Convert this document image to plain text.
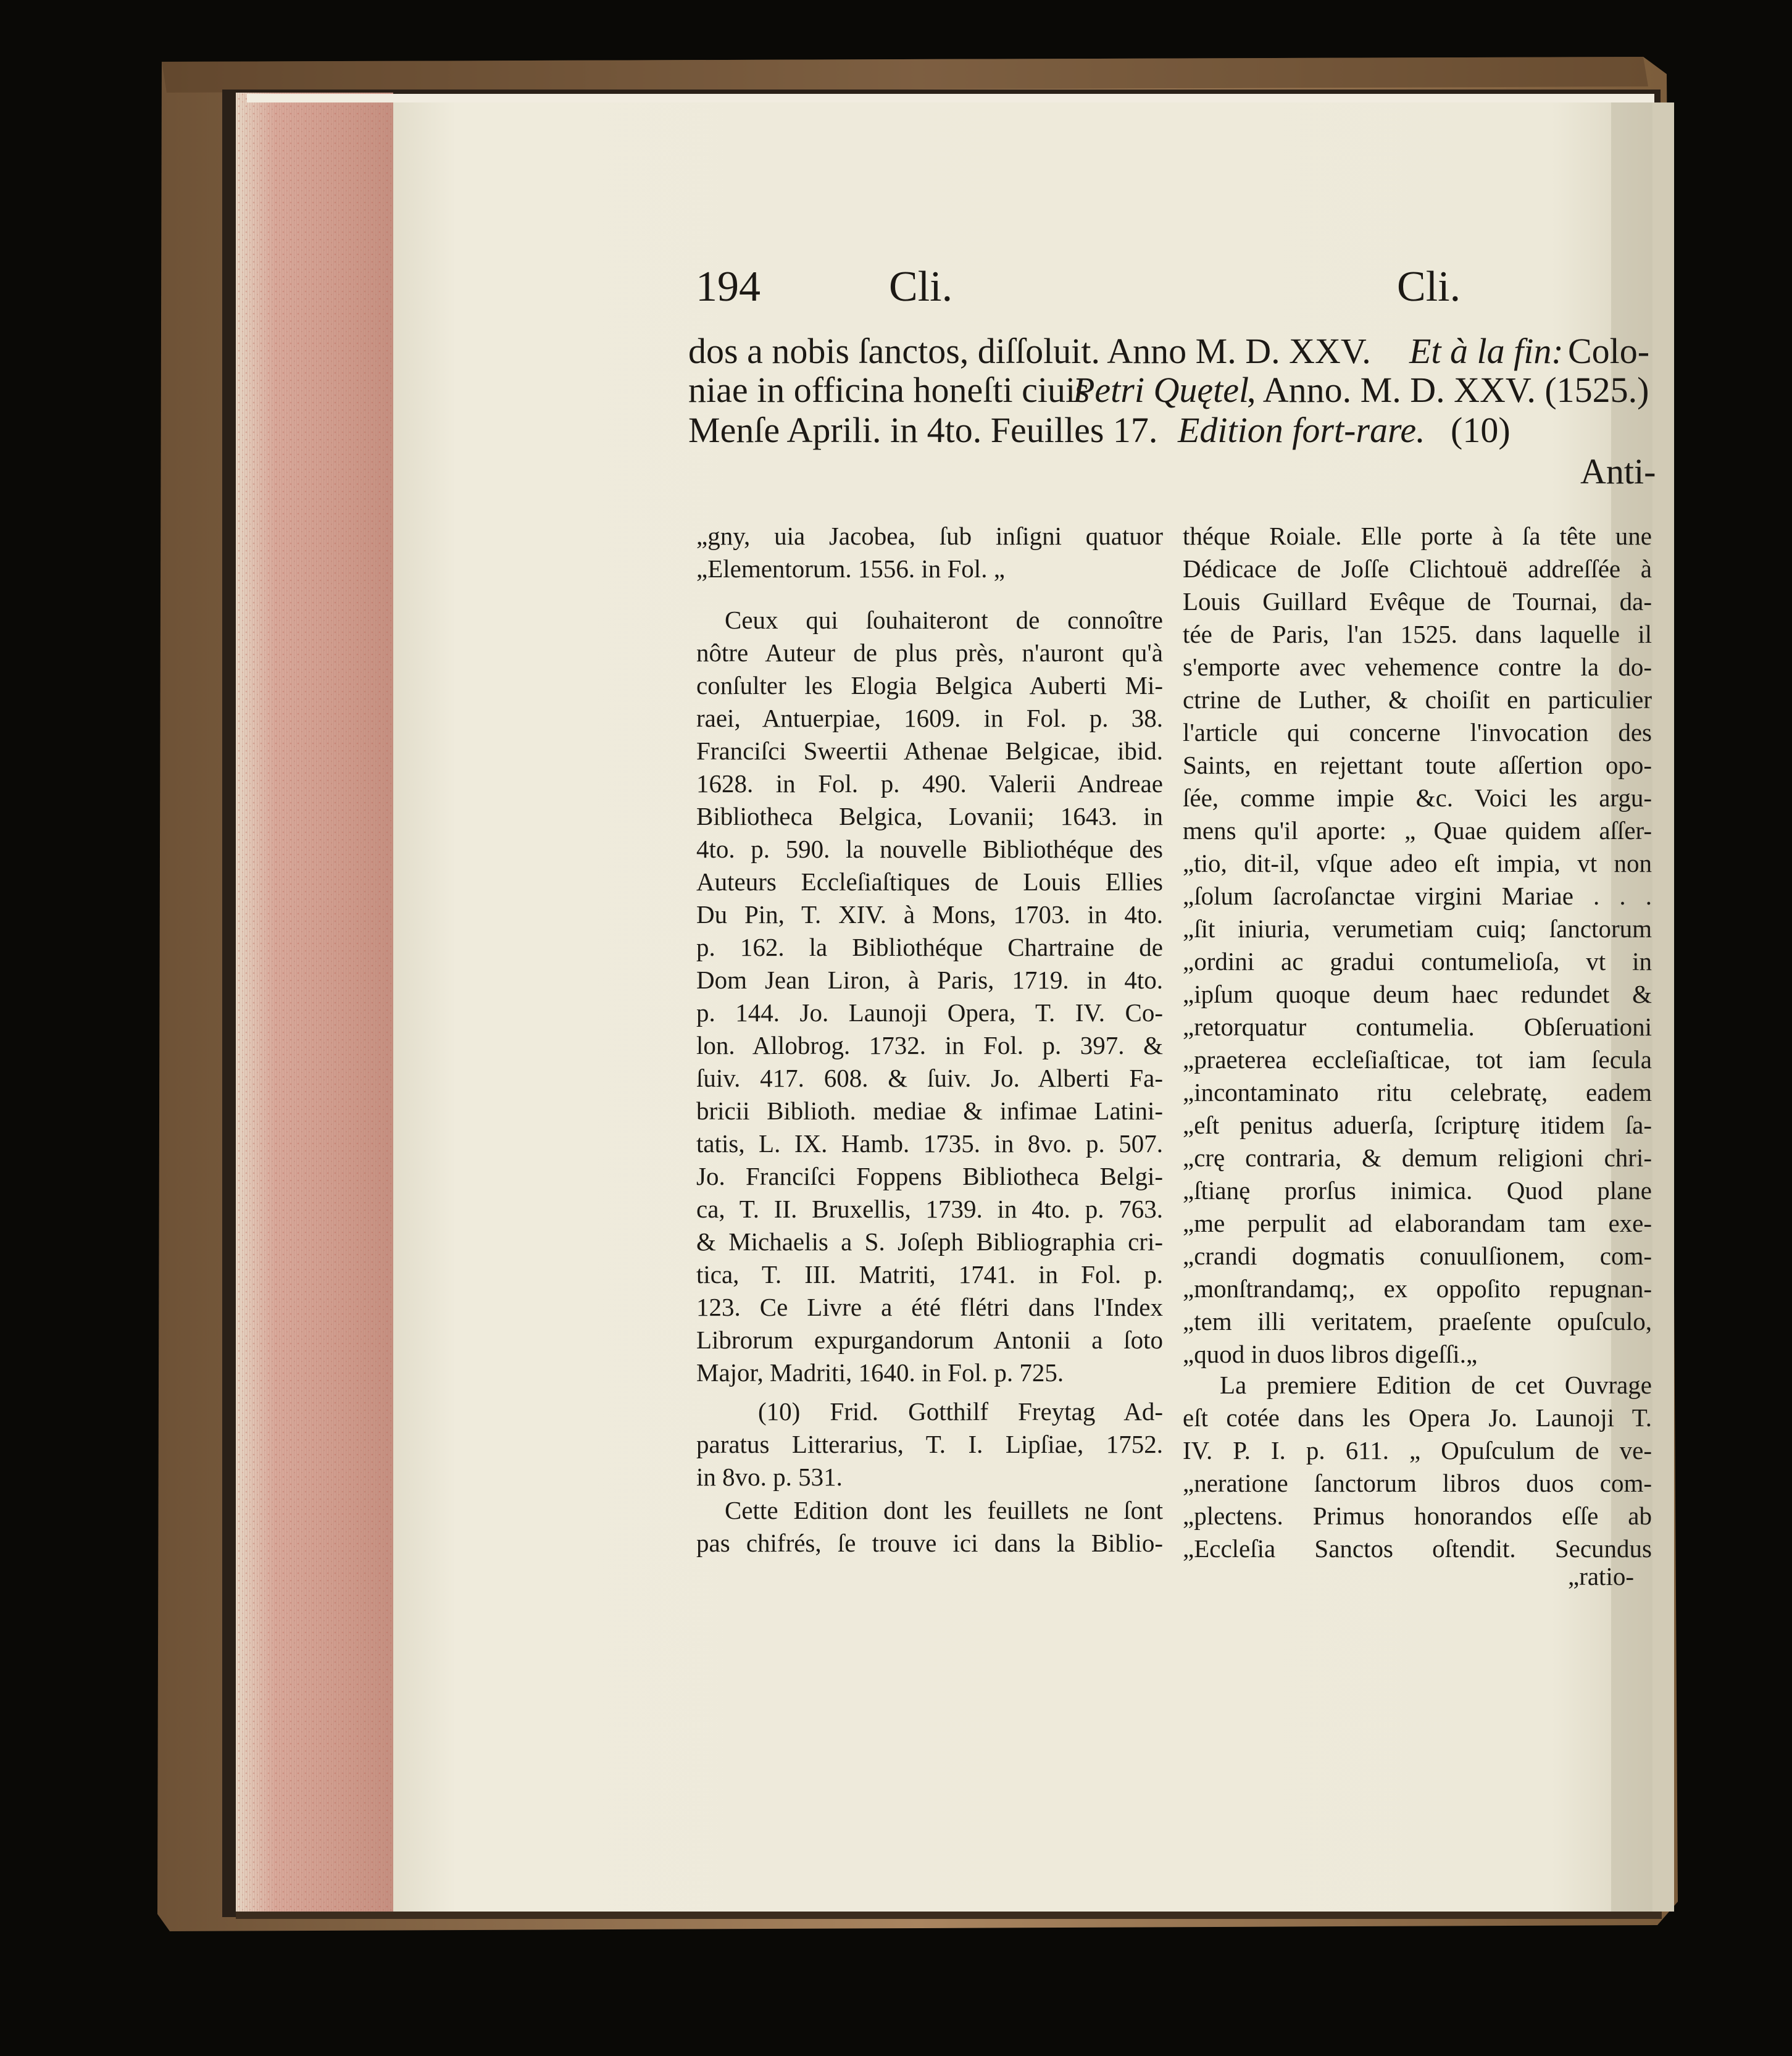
194	Cli.	Cli.
dos a nobis ſanctos, diſſoluit. Anno M. D. XXV. Et à la fin: Colo-
niae in officina honeſti ciuis
Petri Quętel
, Anno. M. D. XXV. (1525.)
Menſe Aprili. in 4to. Feuilles 17. Edition fort-rare. (10)
Anti-
„gny, uia Jacobea, ſub inſigni quatuor
„Elementorum. 1556. in Fol. „
Ceux qui ſouhaiteront de connoître
nôtre Auteur de plus près, n'auront qu'à
conſulter les Elogia Belgica Auberti Mi-
raei, Antuerpiae, 1609. in Fol. p. 38.
Franciſci Sweertii Athenae Belgicae, ibid.
1628. in Fol. p. 490. Valerii Andreae
Bibliotheca Belgica, Lovanii; 1643. in
4to. p. 590. la nouvelle Bibliothéque des
Auteurs Eccleſiaſtiques de Louis Ellies
Du Pin, T. XIV. à Mons, 1703. in 4to.
p. 162. la Bibliothéque Chartraine de
Dom Jean Liron, à Paris, 1719. in 4to.
p. 144. Jo. Launoji Opera, T. IV. Co-
lon. Allobrog. 1732. in Fol. p. 397. &
ſuiv. 417. 608. & ſuiv. Jo. Alberti Fa-
bricii Biblioth. mediae & infimae Latini-
tatis, L. IX. Hamb. 1735. in 8vo. p. 507.
Jo. Franciſci Foppens Bibliotheca Belgi-
ca, T. II. Bruxellis, 1739. in 4to. p. 763.
& Michaelis a S. Joſeph Bibliographia cri-
tica, T. III. Matriti, 1741. in Fol. p.
123. Ce Livre a été flétri dans l'Index
Librorum expurgandorum Antonii a ſoto
Major, Madriti, 1640. in Fol. p. 725.
(10) Frid. Gotthilf Freytag Ad-
paratus Litterarius, T. I. Lipſiae, 1752.
in 8vo. p. 531.
Cette Edition dont les feuillets ne ſont
pas chifrés, ſe trouve ici dans la Biblio-
théque Roiale. Elle porte à ſa tête une
Dédicace de Joſſe Clichtouë addreſſée à
Louis Guillard Evêque de Tournai, da-
tée de Paris, l'an 1525. dans laquelle il
s'emporte avec vehemence contre la do-
ctrine de Luther, & choiſit en particulier
l'article qui concerne l'invocation des
Saints, en rejettant toute aſſertion opo-
ſée, comme impie &c. Voici les argu-
mens qu'il aporte: „ Quae quidem aſſer-
„tio, dit-il, vſque adeo eſt impia, vt non
„ſolum ſacroſanctae virgini Mariae . . .
„ſit iniuria, verumetiam cuiq; ſanctorum
„ordini ac gradui contumelioſa, vt in
„ipſum quoque deum haec redundet &
„retorquatur contumelia. Obſeruationi
„praeterea eccleſiaſticae, tot iam ſecula
„incontaminato ritu celebratę, eadem
„eſt penitus aduerſa, ſcripturę itidem ſa-
„crę contraria, & demum religioni chri-
„ſtianę prorſus inimica. Quod plane
„me perpulit ad elaborandam tam exe-
„crandi dogmatis conuulſionem, com-
„monſtrandamq;, ex oppoſito repugnan-
„tem illi veritatem, praeſente opuſculo,
„quod in duos libros digeſſi.„
La premiere Edition de cet Ouvrage
eſt cotée dans les Opera Jo. Launoji T.
IV. P. I. p. 611. „ Opuſculum de ve-
„neratione ſanctorum libros duos com-
„plectens. Primus honorandos eſſe ab
„Eccleſia Sanctos oſtendit. Secundus
„ratio-
